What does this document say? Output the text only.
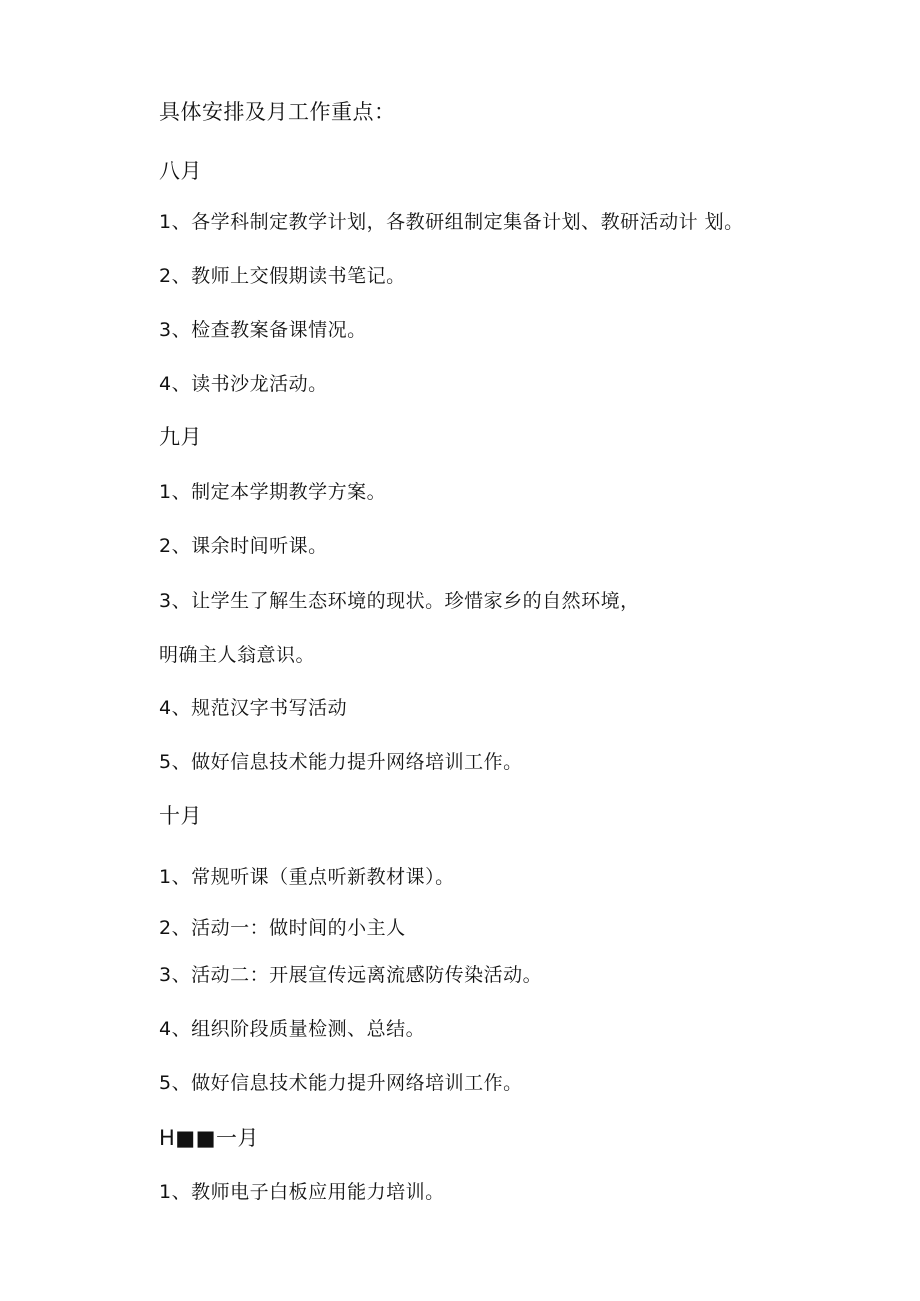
具体安排及月工作重点：
八月
1、各学科制定教学计划，各教研组制定集备计划、教研活动计 划。
2、教师上交假期读书笔记。
3、检查教案备课情况。
4、读书沙龙活动。
九月
1、制定本学期教学方案。
2、课余时间听课。
3、让学生了解生态环境的现状。珍惜家乡的自然环境，
明确主人翁意识。
4、规范汉字书写活动
5、做好信息技术能力提升网络培训工作。
十月
1、常规听课（重点听新教材课）。
2、活动一：做时间的小主人
3、活动二：开展宣传远离流感防传染活动。
4、组织阶段质量检测、总结。
5、做好信息技术能力提升网络培训工作。
H■■一月
1、教师电子白板应用能力培训。
